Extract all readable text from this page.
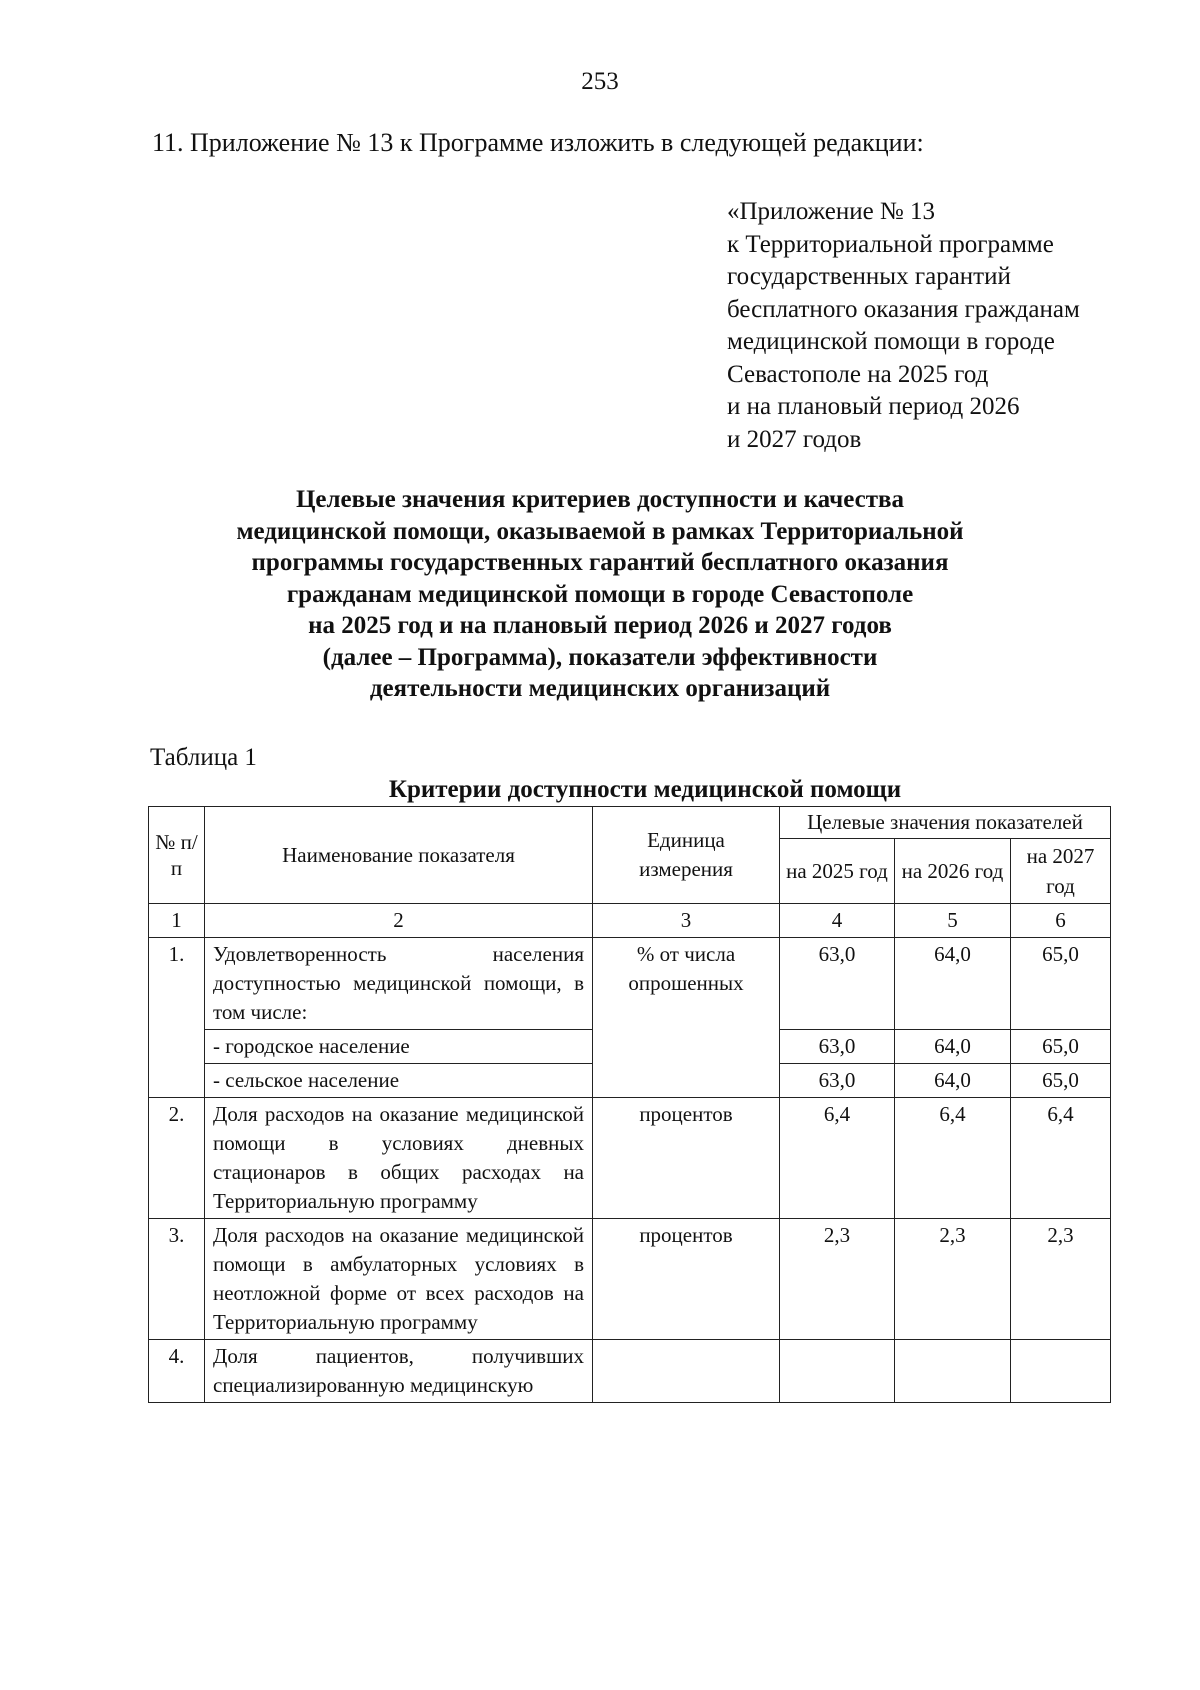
253
11. Приложение № 13 к Программе изложить в следующей редакции:
«Приложение № 13
к Территориальной программе
государственных гарантий
бесплатного оказания гражданам
медицинской помощи в городе
Севастополе на 2025 год
и на плановый период 2026
и 2027 годов
Целевые значения критериев доступности и качества
медицинской помощи, оказываемой в рамках Территориальной
программы государственных гарантий бесплатного оказания
гражданам медицинской помощи в городе Севастополе
на 2025 год и на плановый период 2026 и 2027 годов
(далее – Программа), показатели эффективности
деятельности медицинских организаций
Таблица 1
Критерии доступности медицинской помощи
№ п/п	Наименование показателя	Единица измерения	Целевые значения показателей		
			на 2025 год	на 2026 год	на 2027 год
1	2	3	4	5	6
1.	Удовлетворенность населения доступностью медицинской помощи, в том числе:	% от числа опрошенных	63,0	64,0	65,0
	- городское население		63,0	64,0	65,0
	- сельское население		63,0	64,0	65,0
2.	Доля расходов на оказание медицинской помощи в условиях дневных стационаров в общих расходах на Территориальную программу	процентов	6,4	6,4	6,4
3.	Доля расходов на оказание медицинской помощи в амбулаторных условиях в неотложной форме от всех расходов на Территориальную программу	процентов	2,3	2,3	2,3
4.	Доля пациентов, получивших специализированную медицинскую				
